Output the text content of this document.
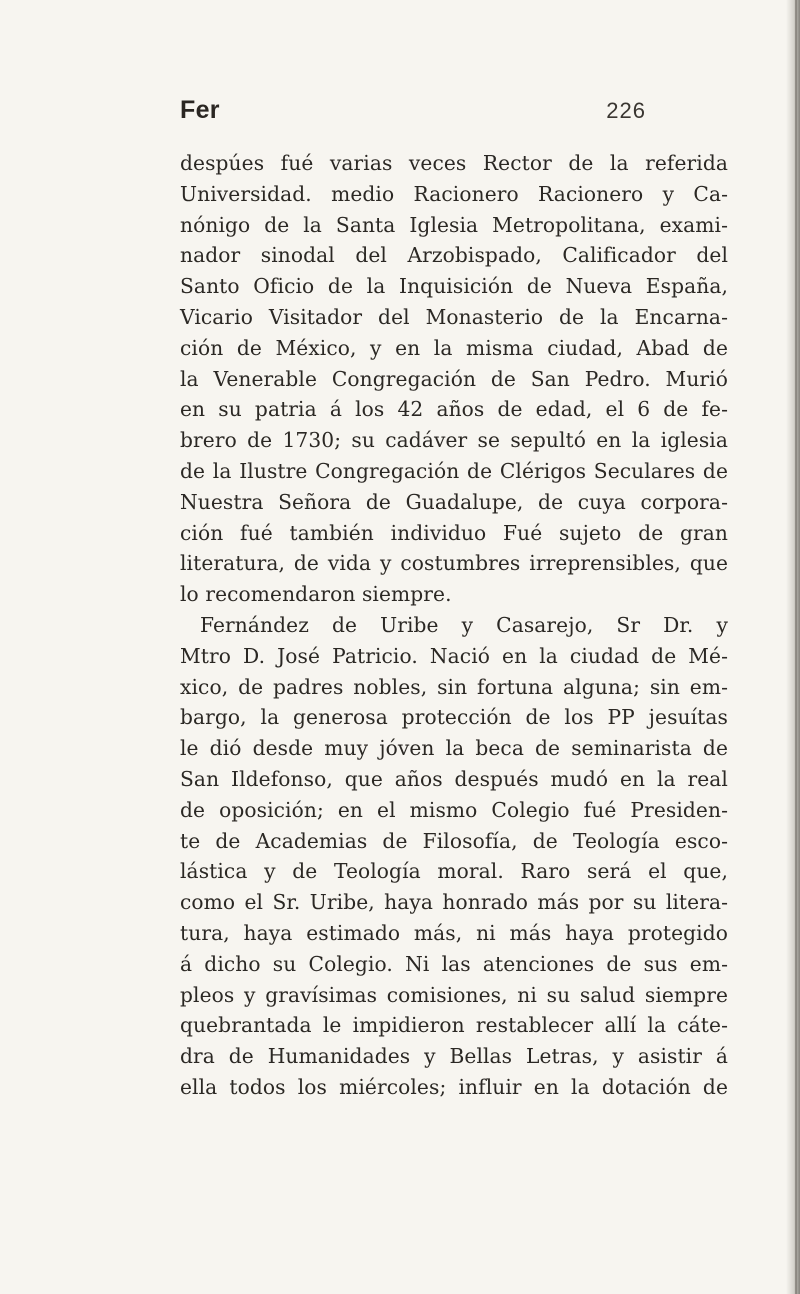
Fer	226
despúes fué varias veces Rector de la referida
Universidad. medio Racionero Racionero y Ca-
nónigo de la Santa Iglesia Metropolitana, exami-
nador sinodal del Arzobispado, Calificador del
Santo Oficio de la Inquisición de Nueva España,
Vicario Visitador del Monasterio de la Encarna-
ción de México, y en la misma ciudad, Abad de
la Venerable Congregación de San Pedro. Murió
en su patria á los 42 años de edad, el 6 de fe-
brero de 1730; su cadáver se sepultó en la iglesia
de la Ilustre Congregación de Clérigos Seculares de
Nuestra Señora de Guadalupe, de cuya corpora-
ción fué también individuo Fué sujeto de gran
literatura, de vida y costumbres irreprensibles, que
lo recomendaron siempre.
Fernández de Uribe y Casarejo, Sr Dr. y
Mtro D. José Patricio. Nació en la ciudad de Mé-
xico, de padres nobles, sin fortuna alguna; sin em-
bargo, la generosa protección de los PP jesuítas
le dió desde muy jóven la beca de seminarista de
San Ildefonso, que años después mudó en la real
de oposición; en el mismo Colegio fué Presiden-
te de Academias de Filosofía, de Teología esco-
lástica y de Teología moral. Raro será el que,
como el Sr. Uribe, haya honrado más por su litera-
tura, haya estimado más, ni más haya protegido
á dicho su Colegio. Ni las atenciones de sus em-
pleos y gravísimas comisiones, ni su salud siempre
quebrantada le impidieron restablecer allí la cáte-
dra de Humanidades y Bellas Letras, y asistir á
ella todos los miércoles; influir en la dotación de
